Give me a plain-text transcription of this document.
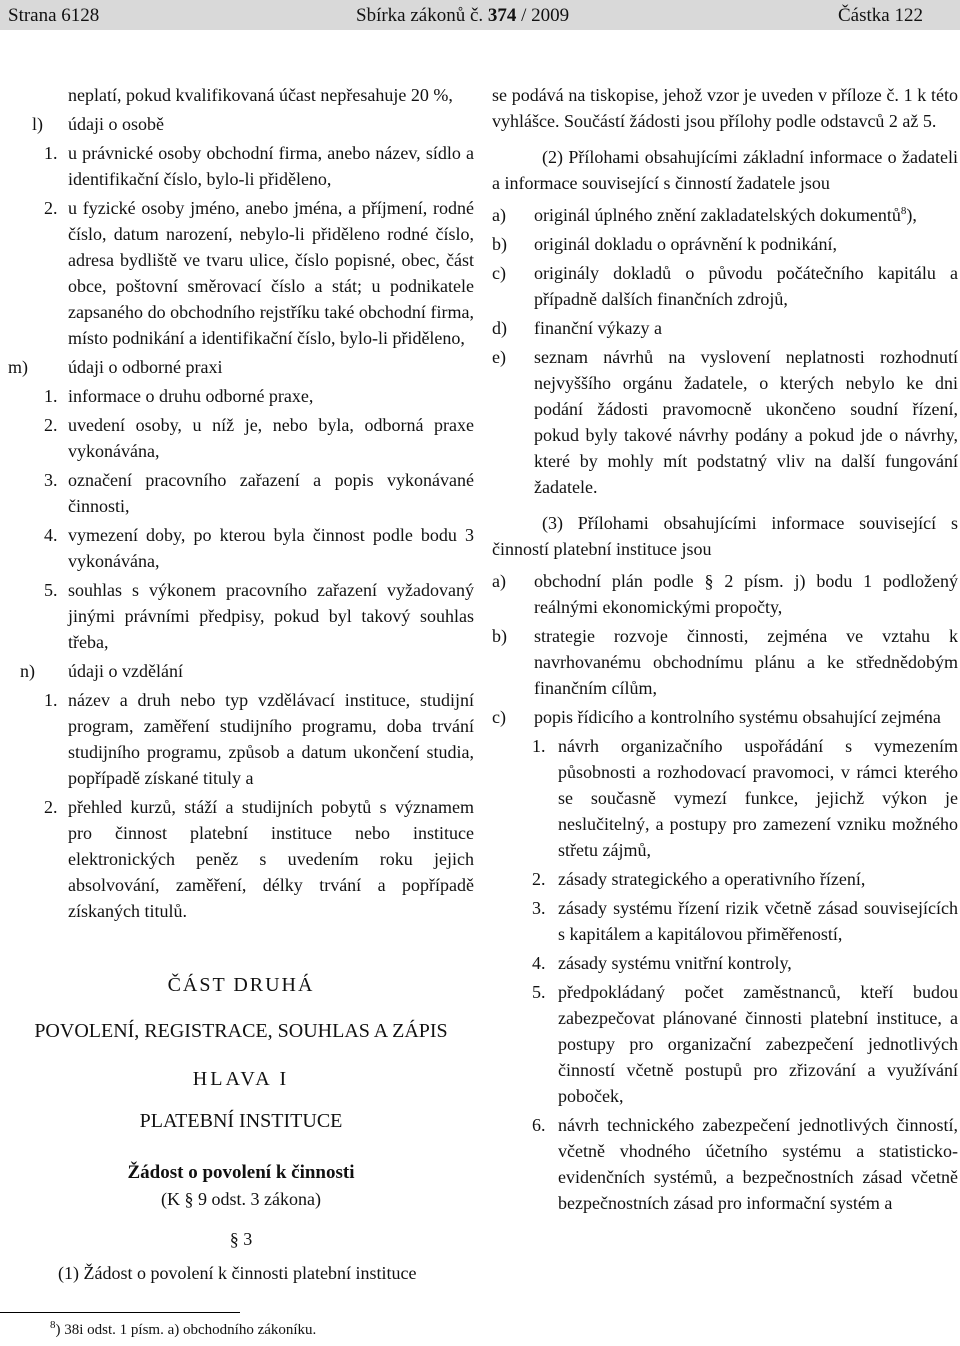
Strana 6128	Sbírka zákonů č. 374 / 2009	Částka 122
neplatí, pokud kvalifikovaná účast nepřesahuje 20 %,
l) údaji o osobě
1. u právnické osoby obchodní firma, anebo název, sídlo a identifikační číslo, bylo-li přiděleno,
2. u fyzické osoby jméno, anebo jména, a příjmení, rodné číslo, datum narození, nebylo-li přiděleno rodné číslo, adresa bydliště ve tvaru ulice, číslo popisné, obec, část obce, poštovní směrovací číslo a stát; u podnikatele zapsaného do obchodního rejstříku také obchodní firma, místo podnikání a identifikační číslo, bylo-li přiděleno,
m) údaji o odborné praxi
1. informace o druhu odborné praxe,
2. uvedení osoby, u níž je, nebo byla, odborná praxe vykonávána,
3. označení pracovního zařazení a popis vykonávané činnosti,
4. vymezení doby, po kterou byla činnost podle bodu 3 vykonávána,
5. souhlas s výkonem pracovního zařazení vyžadovaný jinými právními předpisy, pokud byl takový souhlas třeba,
n) údaji o vzdělání
1. název a druh nebo typ vzdělávací instituce, studijní program, zaměření studijního programu, doba trvání studijního programu, způsob a datum ukončení studia, popřípadě získané tituly a
2. přehled kurzů, stáží a studijních pobytů s významem pro činnost platební instituce nebo instituce elektronických peněz s uvedením roku jejich absolvování, zaměření, délky trvání a popřípadě získaných titulů.
ČÁST DRUHÁ
POVOLENÍ, REGISTRACE, SOUHLAS A ZÁPIS
HLAVA I
PLATEBNÍ INSTITUCE
Žádost o povolení k činnosti
(K § 9 odst. 3 zákona)
§ 3
(1) Žádost o povolení k činnosti platební instituce
se podává na tiskopise, jehož vzor je uveden v příloze č. 1 k této vyhlášce. Součástí žádosti jsou přílohy podle odstavců 2 až 5.
(2) Přílohami obsahujícími základní informace o žadateli a informace související s činností žadatele jsou
a) originál úplného znění zakladatelských dokumentů$^8$),
b) originál dokladu o oprávnění k podnikání,
c) originály dokladů o původu počátečního kapitálu a případně dalších finančních zdrojů,
d) finanční výkazy a
e) seznam návrhů na vyslovení neplatnosti rozhodnutí nejvyššího orgánu žadatele, o kterých nebylo ke dni podání žádosti pravomocně ukončeno soudní řízení, pokud byly takové návrhy podány a pokud jde o návrhy, které by mohly mít podstatný vliv na další fungování žadatele.
(3) Přílohami obsahujícími informace související s činností platební instituce jsou
a) obchodní plán podle § 2 písm. j) bodu 1 podložený reálnými ekonomickými propočty,
b) strategie rozvoje činnosti, zejména ve vztahu k navrhovanému obchodnímu plánu a ke střednědobým finančním cílům,
c) popis řídicího a kontrolního systému obsahující zejména
1. návrh organizačního uspořádání s vymezením působnosti a rozhodovací pravomoci, v rámci kterého se současně vymezí funkce, jejichž výkon je neslučitelný, a postupy pro zamezení vzniku možného střetu zájmů,
2. zásady strategického a operativního řízení,
3. zásady systému řízení rizik včetně zásad souvisejících s kapitálem a kapitálovou přiměřeností,
4. zásady systému vnitřní kontroly,
5. předpokládaný počet zaměstnanců, kteří budou zabezpečovat plánované činnosti platební instituce, a postupy pro organizační zabezpečení jednotlivých činností včetně postupů pro zřizování a využívání poboček,
6. návrh technického zabezpečení jednotlivých činností, včetně vhodného účetního systému a statisticko-evidenčních systémů, a bezpečnostních zásad včetně bezpečnostních zásad pro informační systém a
$^8$) 38i odst. 1 písm. a) obchodního zákoníku.
